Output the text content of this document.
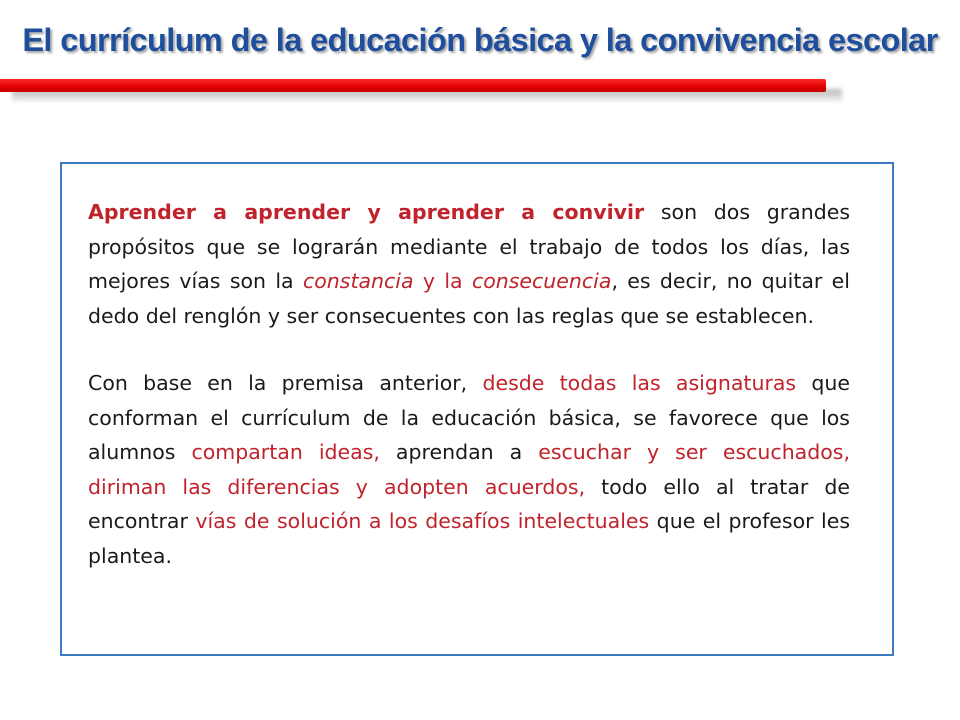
El currículum de la educación básica y la convivencia escolar

Aprender a aprender y aprender a convivir son dos grandes propósitos que se lograrán mediante el trabajo de todos los días, las mejores vías son la constancia y la consecuencia, es decir, no quitar el dedo del renglón y ser consecuentes con las reglas que se establecen.

Con base en la premisa anterior, desde todas las asignaturas que conforman el currículum de la educación básica, se favorece que los alumnos compartan ideas, aprendan a escuchar y ser escuchados, diriman las diferencias y adopten acuerdos, todo ello al tratar de encontrar vías de solución a los desafíos intelectuales que el profesor les plantea.
